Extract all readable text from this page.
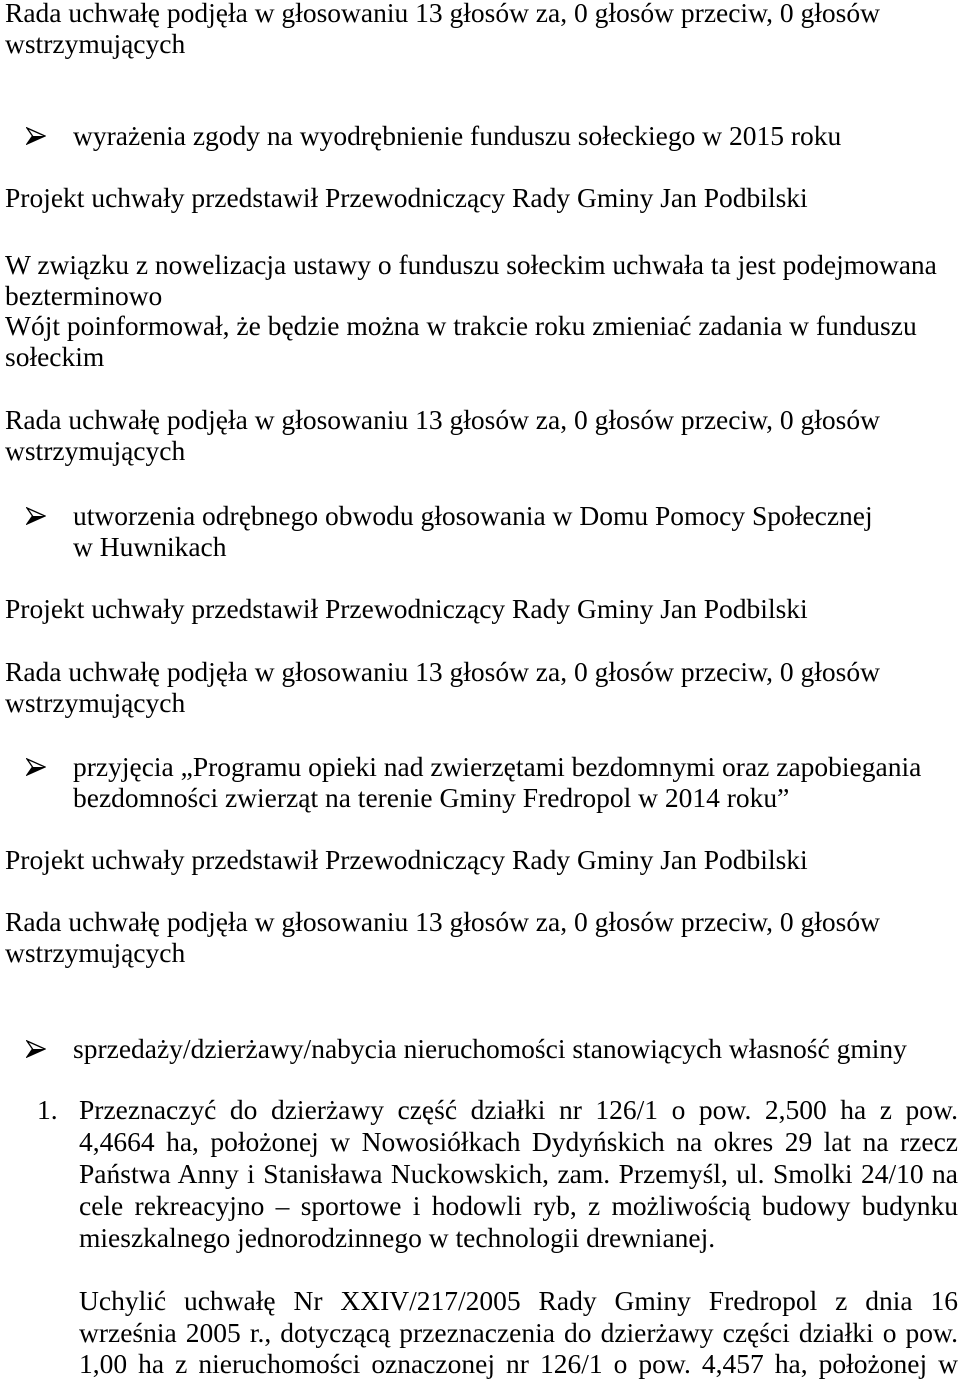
Rada uchwałę podjęła w głosowaniu 13 głosów za, 0 głosów przeciw, 0 głosów
wstrzymujących
wyrażenia zgody na wyodrębnienie funduszu sołeckiego w 2015 roku
Projekt uchwały przedstawił Przewodniczący Rady Gminy Jan Podbilski
W związku z nowelizacja ustawy o funduszu sołeckim uchwała ta jest podejmowana
bezterminowo
Wójt poinformował, że będzie można w trakcie roku zmieniać zadania w funduszu
sołeckim
Rada uchwałę podjęła w głosowaniu 13 głosów za, 0 głosów przeciw, 0 głosów
wstrzymujących
utworzenia odrębnego obwodu głosowania w Domu Pomocy Społecznej
w Huwnikach
Projekt uchwały przedstawił Przewodniczący Rady Gminy Jan Podbilski
Rada uchwałę podjęła w głosowaniu 13 głosów za, 0 głosów przeciw, 0 głosów
wstrzymujących
przyjęcia „Programu opieki nad zwierzętami bezdomnymi oraz zapobiegania
bezdomności zwierząt na terenie Gminy Fredropol w 2014 roku”
Projekt uchwały przedstawił Przewodniczący Rady Gminy Jan Podbilski
Rada uchwałę podjęła w głosowaniu 13 głosów za, 0 głosów przeciw, 0 głosów
wstrzymujących
sprzedaży/dzierżawy/nabycia nieruchomości stanowiących własność gminy
1. Przeznaczyć do dzierżawy część działki nr 126/1 o pow. 2,500 ha z pow.
4,4664 ha, położonej w Nowosiółkach Dydyńskich na okres 29 lat na rzecz
Państwa Anny i Stanisława Nuckowskich, zam. Przemyśl, ul. Smolki 24/10 na
cele rekreacyjno – sportowe i hodowli ryb, z możliwością budowy budynku
mieszkalnego jednorodzinnego w technologii drewnianej.
Uchylić uchwałę Nr XXIV/217/2005 Rady Gminy Fredropol z dnia 16
września 2005 r., dotyczącą przeznaczenia do dzierżawy części działki o pow.
1,00 ha z nieruchomości oznaczonej nr 126/1 o pow. 4,457 ha, położonej w
